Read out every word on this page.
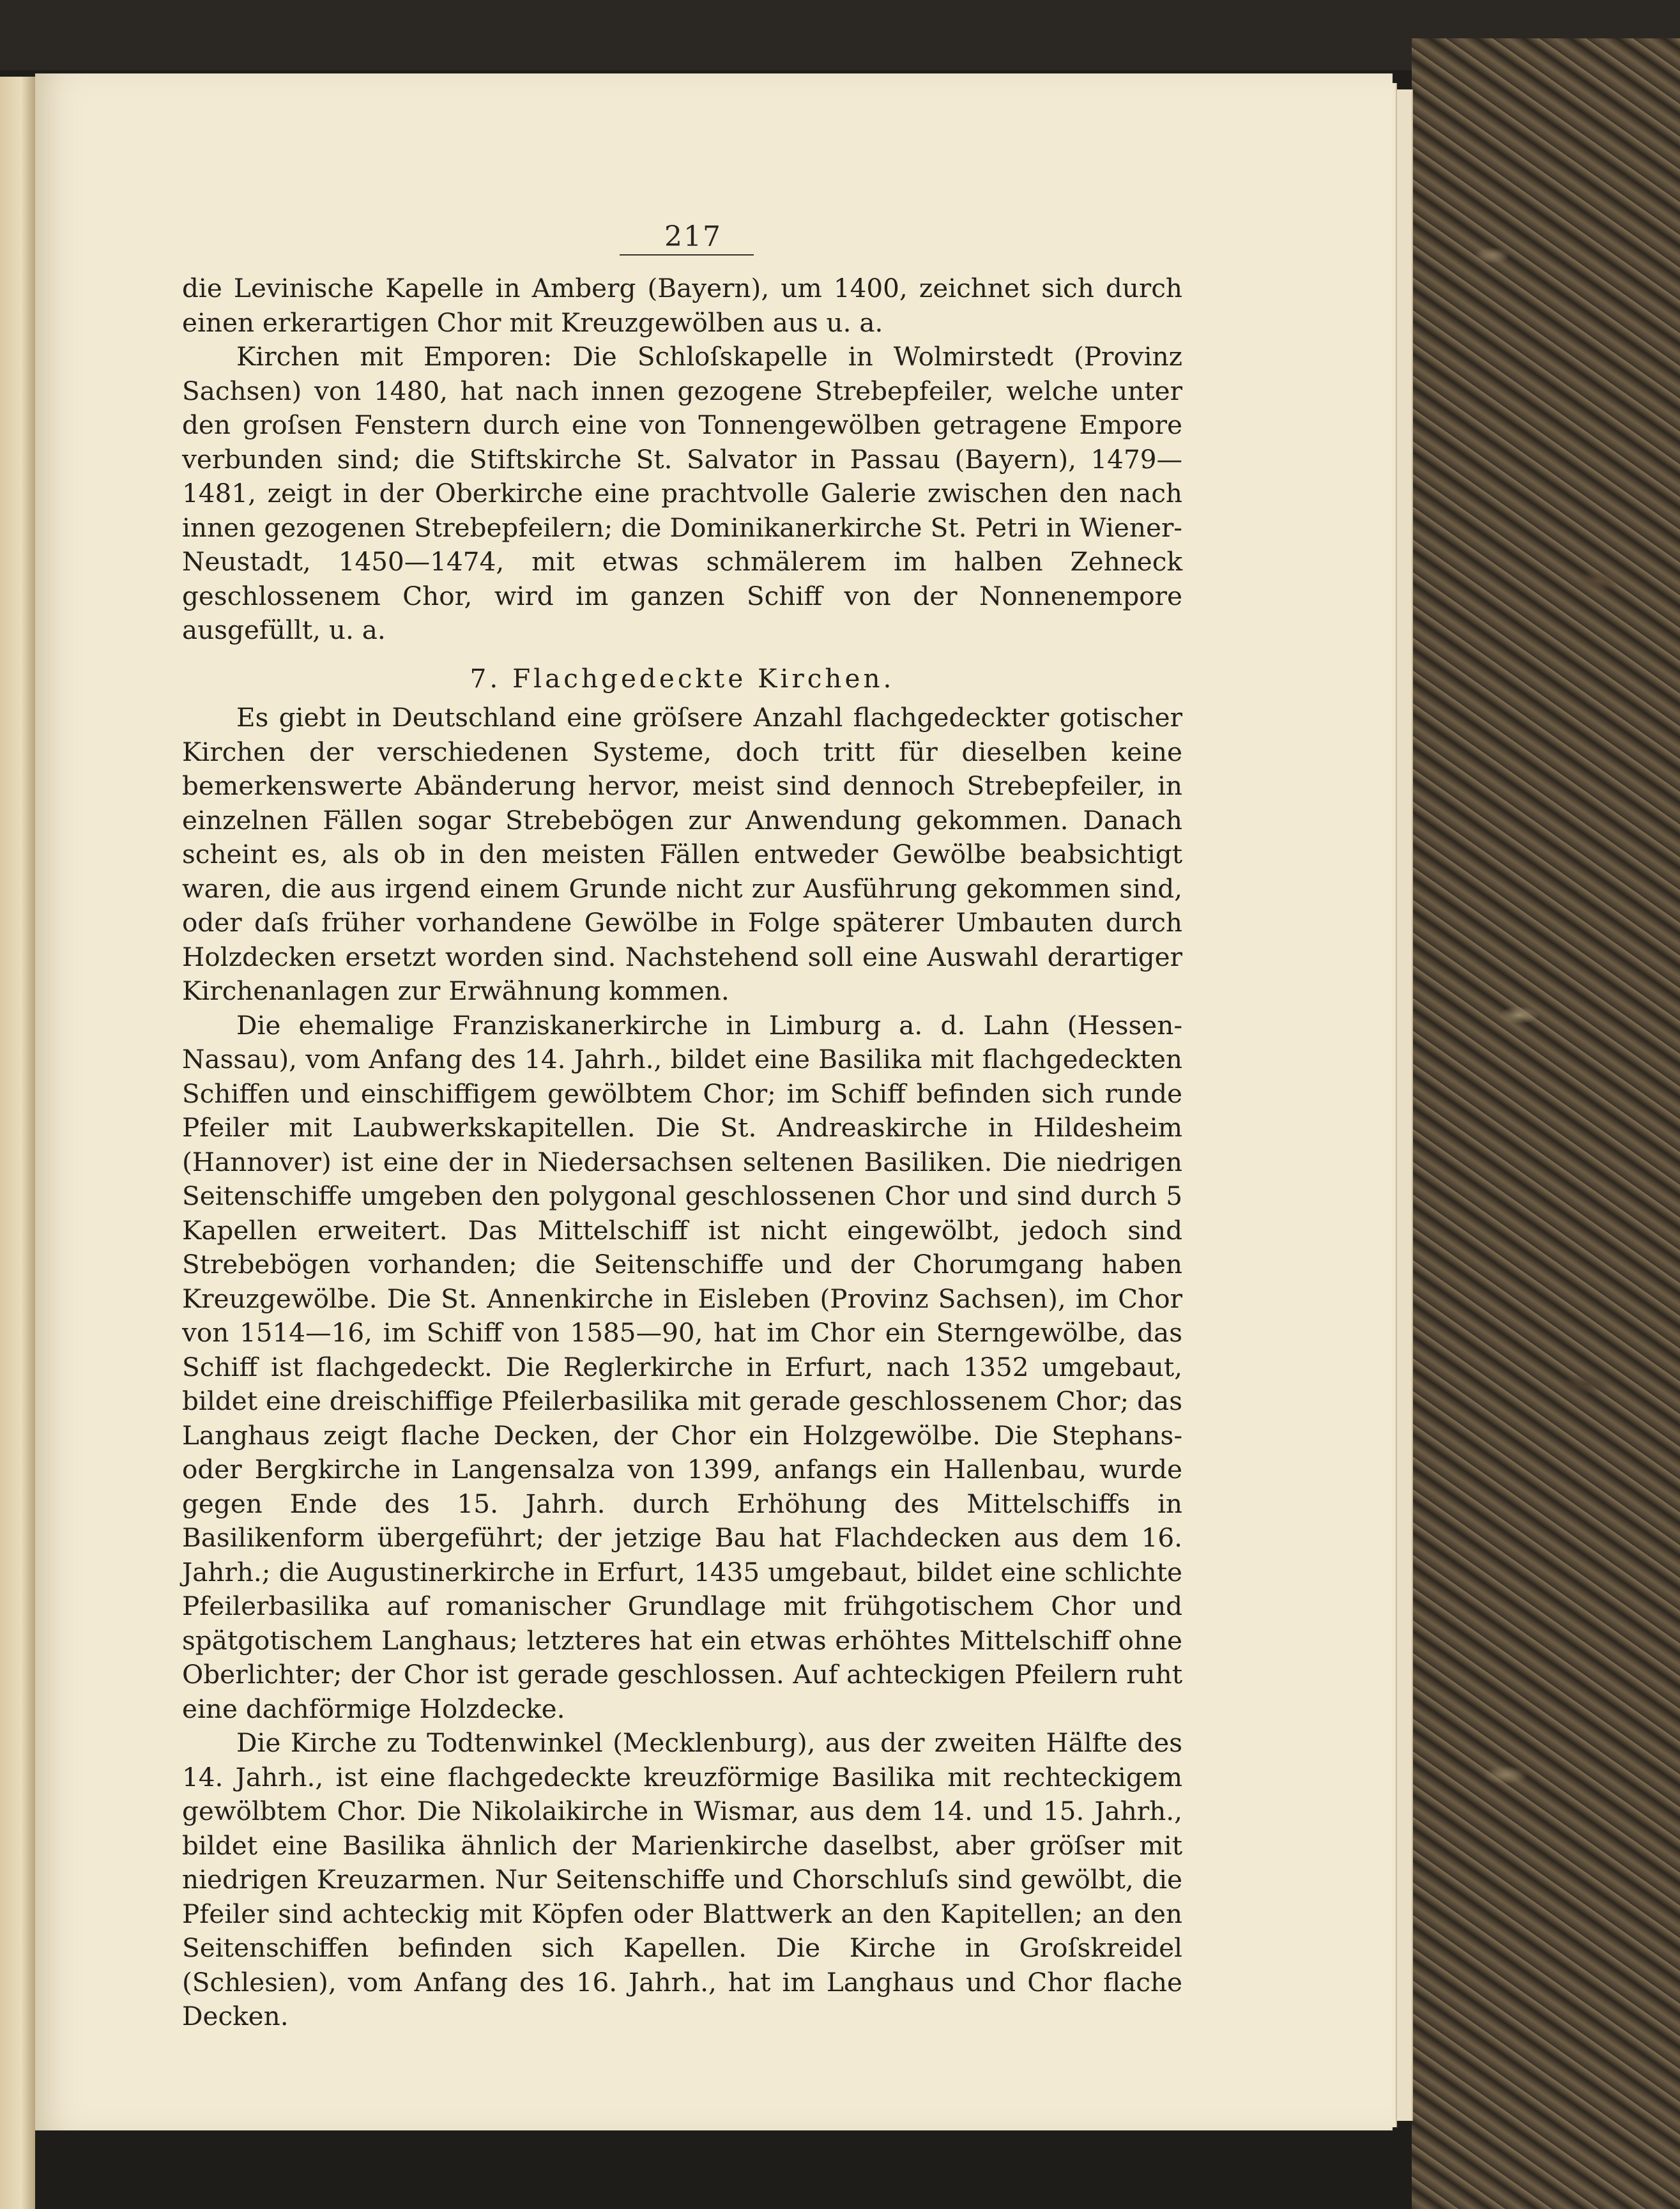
217

die Levinische Kapelle in Amberg (Bayern), um 1400, zeichnet sich durch einen erkerartigen Chor mit Kreuzgewölben aus u. a.

Kirchen mit Emporen: Die Schloſskapelle in Wolmirstedt (Provinz Sachsen) von 1480, hat nach innen gezogene Strebepfeiler, welche unter den groſsen Fenstern durch eine von Tonnengewölben getragene Empore verbunden sind; die Stiftskirche St. Salvator in Passau (Bayern), 1479—1481, zeigt in der Oberkirche eine prachtvolle Galerie zwischen den nach innen gezogenen Strebepfeilern; die Dominikanerkirche St. Petri in Wiener-Neustadt, 1450—1474, mit etwas schmälerem im halben Zehneck geschlossenem Chor, wird im ganzen Schiff von der Nonnenempore ausgefüllt, u. a.

7. Flachgedeckte Kirchen.

Es giebt in Deutschland eine gröſsere Anzahl flachgedeckter gotischer Kirchen der verschiedenen Systeme, doch tritt für dieselben keine bemerkenswerte Abänderung hervor, meist sind dennoch Strebepfeiler, in einzelnen Fällen sogar Strebebögen zur Anwendung gekommen. Danach scheint es, als ob in den meisten Fällen entweder Gewölbe beabsichtigt waren, die aus irgend einem Grunde nicht zur Ausführung gekommen sind, oder daſs früher vorhandene Gewölbe in Folge späterer Umbauten durch Holzdecken ersetzt worden sind. Nachstehend soll eine Auswahl derartiger Kirchenanlagen zur Erwähnung kommen.

Die ehemalige Franziskanerkirche in Limburg a. d. Lahn (Hessen-Nassau), vom Anfang des 14. Jahrh., bildet eine Basilika mit flachgedeckten Schiffen und einschiffigem gewölbtem Chor; im Schiff befinden sich runde Pfeiler mit Laubwerkskapitellen. Die St. Andreaskirche in Hildesheim (Hannover) ist eine der in Niedersachsen seltenen Basiliken. Die niedrigen Seitenschiffe umgeben den polygonal geschlossenen Chor und sind durch 5 Kapellen erweitert. Das Mittelschiff ist nicht eingewölbt, jedoch sind Strebebögen vorhanden; die Seitenschiffe und der Chorumgang haben Kreuzgewölbe. Die St. Annenkirche in Eisleben (Provinz Sachsen), im Chor von 1514—16, im Schiff von 1585—90, hat im Chor ein Sterngewölbe, das Schiff ist flachgedeckt. Die Reglerkirche in Erfurt, nach 1352 umgebaut, bildet eine dreischiffige Pfeilerbasilika mit gerade geschlossenem Chor; das Langhaus zeigt flache Decken, der Chor ein Holzgewölbe. Die Stephans- oder Bergkirche in Langensalza von 1399, anfangs ein Hallenbau, wurde gegen Ende des 15. Jahrh. durch Erhöhung des Mittelschiffs in Basilikenform übergeführt; der jetzige Bau hat Flachdecken aus dem 16. Jahrh.; die Augustinerkirche in Erfurt, 1435 umgebaut, bildet eine schlichte Pfeilerbasilika auf romanischer Grundlage mit frühgotischem Chor und spätgotischem Langhaus; letzteres hat ein etwas erhöhtes Mittelschiff ohne Oberlichter; der Chor ist gerade geschlossen. Auf achteckigen Pfeilern ruht eine dachförmige Holzdecke.

Die Kirche zu Todtenwinkel (Mecklenburg), aus der zweiten Hälfte des 14. Jahrh., ist eine flachgedeckte kreuzförmige Basilika mit rechteckigem gewölbtem Chor. Die Nikolaikirche in Wismar, aus dem 14. und 15. Jahrh., bildet eine Basilika ähnlich der Marienkirche daselbst, aber gröſser mit niedrigen Kreuzarmen. Nur Seitenschiffe und Chorschluſs sind gewölbt, die Pfeiler sind achteckig mit Köpfen oder Blattwerk an den Kapitellen; an den Seitenschiffen befinden sich Kapellen. Die Kirche in Groſskreidel (Schlesien), vom Anfang des 16. Jahrh., hat im Langhaus und Chor flache Decken.
